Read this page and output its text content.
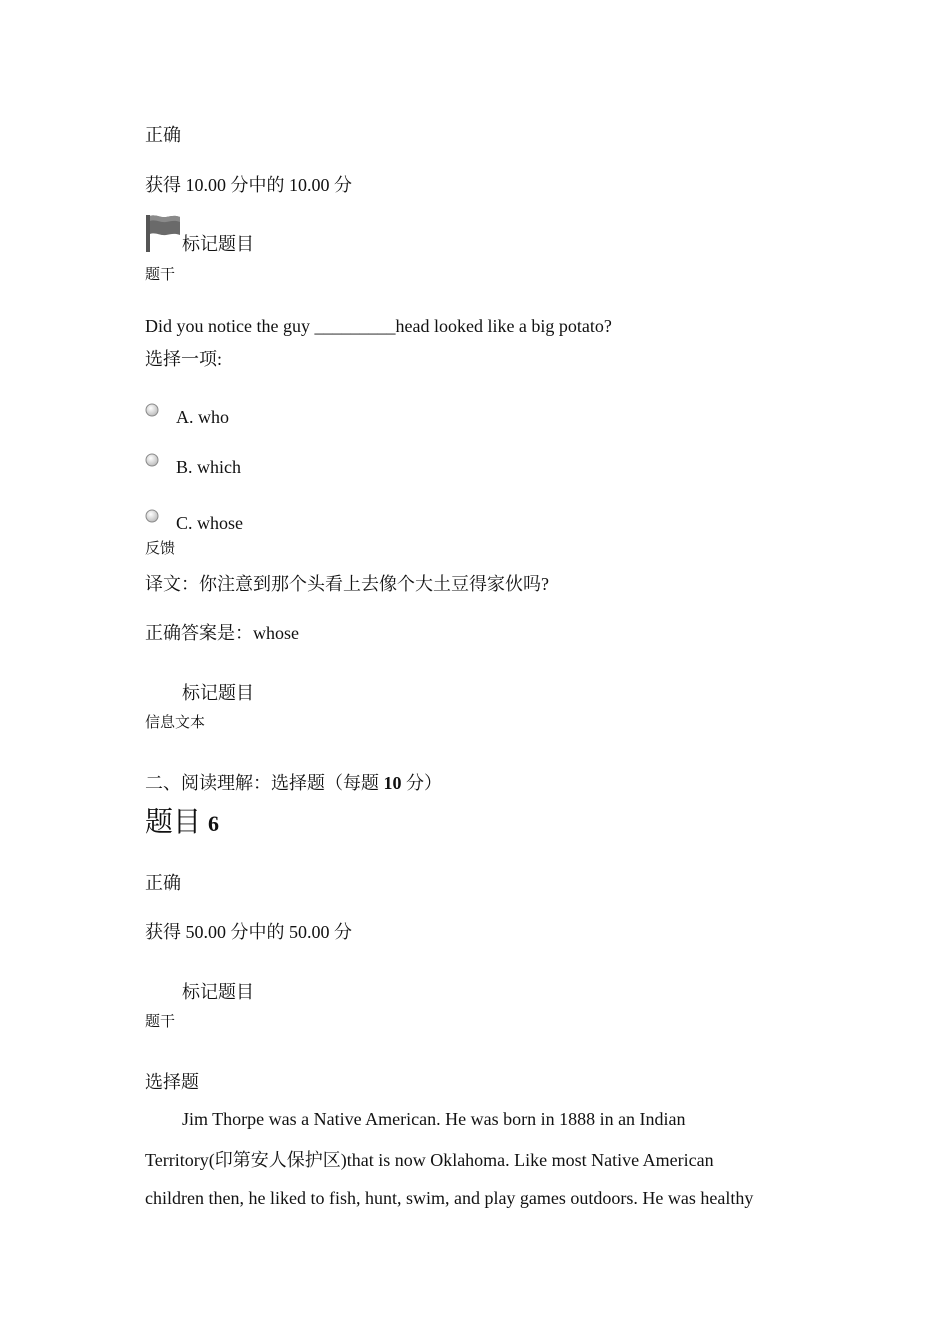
正确
获得 10.00 分中的 10.00 分
标记题目
题干
Did you notice the guy _________head looked like a big potato?
选择一项:
A. who
B. which
C. whose
反馈
译文：你注意到那个头看上去像个大土豆得家伙吗?
正确答案是：whose
标记题目
信息文本
二、阅读理解：选择题（每题 10 分）
题目 6
正确
获得 50.00 分中的 50.00 分
标记题目
题干
选择题
Jim Thorpe was a Native American. He was born in 1888 in an Indian
Territory(印第安人保护区)that is now Oklahoma. Like most Native American
children then, he liked to fish, hunt, swim, and play games outdoors. He was healthy
